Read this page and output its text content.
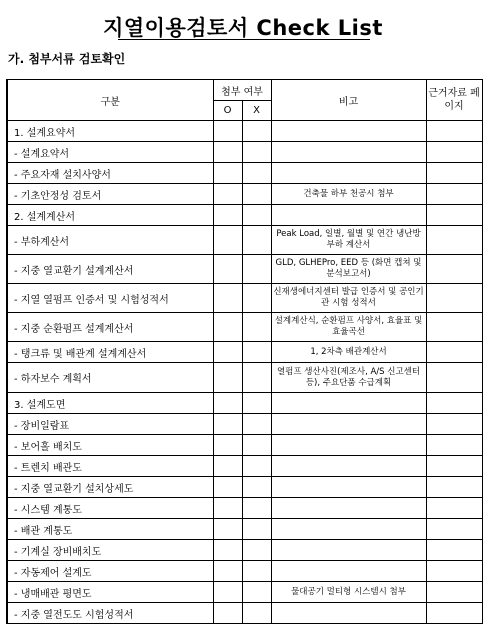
지열이용검토서 Check List
가. 첨부서류 검토확인
구분	첨부 여부		비고	근거자료 페이지
	O	X		
1. 설계요약서				
- 설계요약서				
- 주요자재 설치사양서				
- 기초안정성 검토서			건축물 하부 천공시 첨부	
2. 설계계산서				
- 부하계산서			Peak Load, 일별, 월별 및 연간 냉난방 부하 계산서	
- 지중 열교환기 설계계산서			GLD, GLHEPro, EED 등 (화면 캡쳐 및 분석보고서)	
- 지열 열펌프 인증서 및 시험성적서			신재생에너지센터 발급 인증서 및 공인기관 시험 성적서	
- 지중 순환펌프 설계계산서			설계계산식, 순환펌프 사양서, 효율표 및 효율곡선	
- 탱크류 및 배관계 설계계산서			1, 2차측 배관계산서	
- 하자보수 계획서			열펌프 생산사진(제조사, A/S 신고센터등), 주요단품 수급계획	
3. 설계도면				
- 장비일람표				
- 보어홀 배치도				
- 트렌치 배관도				
- 지중 열교환기 설치상세도				
- 시스템 계통도				
- 배관 계통도				
- 기계실 장비배치도				
- 자동제어 설계도				
- 냉매배관 평면도			물대공기 멀티형 시스템시 첨부	
- 지중 열전도도 시험성적서				
